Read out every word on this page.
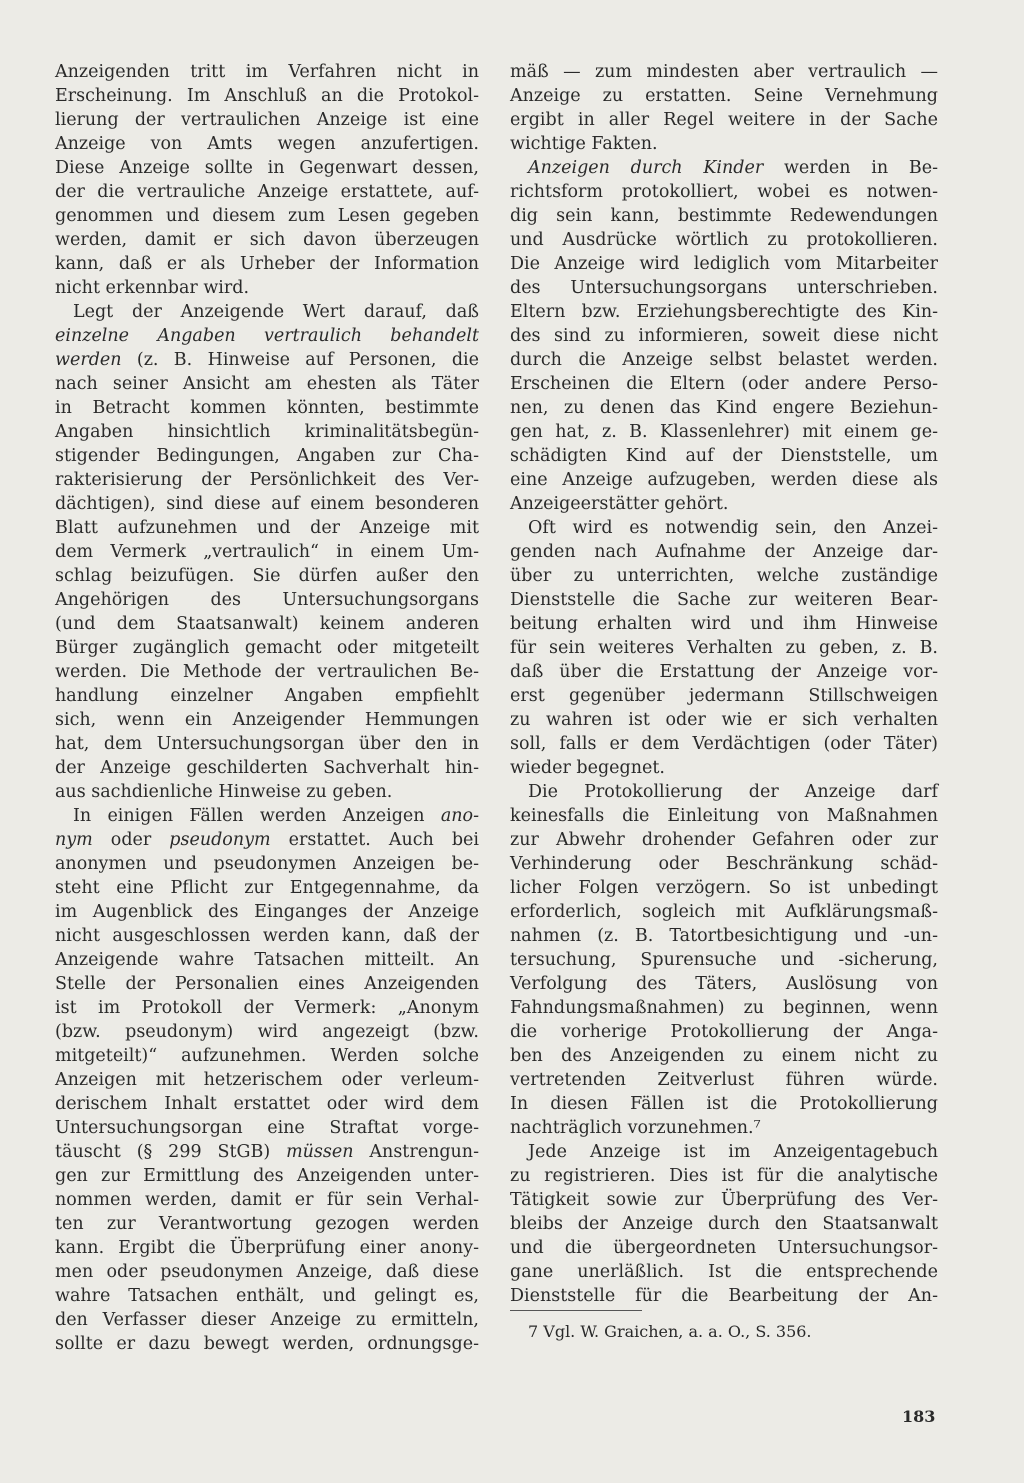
Anzeigenden tritt im Verfahren nicht in
Erscheinung. Im Anschluß an die Protokol-
lierung der vertraulichen Anzeige ist eine
Anzeige von Amts wegen anzufertigen.
Diese Anzeige sollte in Gegenwart dessen,
der die vertrauliche Anzeige erstattete, auf-
genommen und diesem zum Lesen gegeben
werden, damit er sich davon überzeugen
kann, daß er als Urheber der Information
nicht erkennbar wird.
Legt der Anzeigende Wert darauf, daß
einzelne Angaben vertraulich behandelt
werden (z. B. Hinweise auf Personen, die
nach seiner Ansicht am ehesten als Täter
in Betracht kommen könnten, bestimmte
Angaben hinsichtlich kriminalitätsbegün-
stigender Bedingungen, Angaben zur Cha-
rakterisierung der Persönlichkeit des Ver-
dächtigen), sind diese auf einem besonderen
Blatt aufzunehmen und der Anzeige mit
dem Vermerk „vertraulich“ in einem Um-
schlag beizufügen. Sie dürfen außer den
Angehörigen des Untersuchungsorgans
(und dem Staatsanwalt) keinem anderen
Bürger zugänglich gemacht oder mitgeteilt
werden. Die Methode der vertraulichen Be-
handlung einzelner Angaben empfiehlt
sich, wenn ein Anzeigender Hemmungen
hat, dem Untersuchungsorgan über den in
der Anzeige geschilderten Sachverhalt hin-
aus sachdienliche Hinweise zu geben.
In einigen Fällen werden Anzeigen ano-
nym oder pseudonym erstattet. Auch bei
anonymen und pseudonymen Anzeigen be-
steht eine Pflicht zur Entgegennahme, da
im Augenblick des Einganges der Anzeige
nicht ausgeschlossen werden kann, daß der
Anzeigende wahre Tatsachen mitteilt. An
Stelle der Personalien eines Anzeigenden
ist im Protokoll der Vermerk: „Anonym
(bzw. pseudonym) wird angezeigt (bzw.
mitgeteilt)“ aufzunehmen. Werden solche
Anzeigen mit hetzerischem oder verleum-
derischem Inhalt erstattet oder wird dem
Untersuchungsorgan eine Straftat vorge-
täuscht (§ 299 StGB) müssen Anstrengun-
gen zur Ermittlung des Anzeigenden unter-
nommen werden, damit er für sein Verhal-
ten zur Verantwortung gezogen werden
kann. Ergibt die Überprüfung einer anony-
men oder pseudonymen Anzeige, daß diese
wahre Tatsachen enthält, und gelingt es,
den Verfasser dieser Anzeige zu ermitteln,
sollte er dazu bewegt werden, ordnungsge-
mäß — zum mindesten aber vertraulich —
Anzeige zu erstatten. Seine Vernehmung
ergibt in aller Regel weitere in der Sache
wichtige Fakten.
Anzeigen durch Kinder werden in Be-
richtsform protokolliert, wobei es notwen-
dig sein kann, bestimmte Redewendungen
und Ausdrücke wörtlich zu protokollieren.
Die Anzeige wird lediglich vom Mitarbeiter
des Untersuchungsorgans unterschrieben.
Eltern bzw. Erziehungsberechtigte des Kin-
des sind zu informieren, soweit diese nicht
durch die Anzeige selbst belastet werden.
Erscheinen die Eltern (oder andere Perso-
nen, zu denen das Kind engere Beziehun-
gen hat, z. B. Klassenlehrer) mit einem ge-
schädigten Kind auf der Dienststelle, um
eine Anzeige aufzugeben, werden diese als
Anzeigeerstätter gehört.
Oft wird es notwendig sein, den Anzei-
genden nach Aufnahme der Anzeige dar-
über zu unterrichten, welche zuständige
Dienststelle die Sache zur weiteren Bear-
beitung erhalten wird und ihm Hinweise
für sein weiteres Verhalten zu geben, z. B.
daß über die Erstattung der Anzeige vor-
erst gegenüber jedermann Stillschweigen
zu wahren ist oder wie er sich verhalten
soll, falls er dem Verdächtigen (oder Täter)
wieder begegnet.
Die Protokollierung der Anzeige darf
keinesfalls die Einleitung von Maßnahmen
zur Abwehr drohender Gefahren oder zur
Verhinderung oder Beschränkung schäd-
licher Folgen verzögern. So ist unbedingt
erforderlich, sogleich mit Aufklärungsmaß-
nahmen (z. B. Tatortbesichtigung und -un-
tersuchung, Spurensuche und -sicherung,
Verfolgung des Täters, Auslösung von
Fahndungsmaßnahmen) zu beginnen, wenn
die vorherige Protokollierung der Anga-
ben des Anzeigenden zu einem nicht zu
vertretenden Zeitverlust führen würde.
In diesen Fällen ist die Protokollierung
nachträglich vorzunehmen.⁷
Jede Anzeige ist im Anzeigentagebuch
zu registrieren. Dies ist für die analytische
Tätigkeit sowie zur Überprüfung des Ver-
bleibs der Anzeige durch den Staatsanwalt
und die übergeordneten Untersuchungsor-
gane unerläßlich. Ist die entsprechende
Dienststelle für die Bearbeitung der An-
7 Vgl. W. Graichen, a. a. O., S. 356.
183
